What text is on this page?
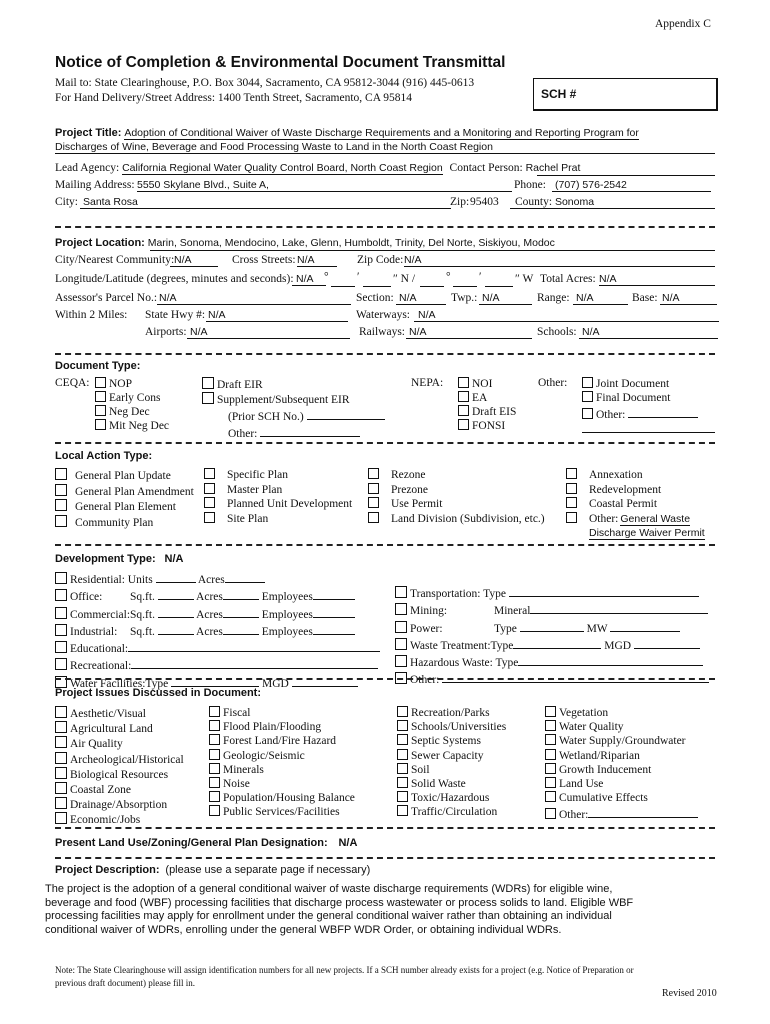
Appendix C
Notice of Completion & Environmental Document Transmittal
Mail to: State Clearinghouse, P.O. Box 3044, Sacramento, CA 95812-3044 (916) 445-0613
For Hand Delivery/Street Address: 1400 Tenth Street, Sacramento, CA 95814	SCH #
Project Title: Adoption of Conditional Waiver of Waste Discharge Requirements and a Monitoring and Reporting Program for
Discharges of Wine, Beverage and Food Processing Waste to Land in the North Coast Region
Lead Agency: California Regional Water Quality Control Board, North Coast Region Contact Person: Rachel Prat
Mailing Address: 5550 Skylane Blvd., Suite A,	Phone: (707) 576-2542
City: Santa Rosa	Zip: 95403	County: Sonoma
Project Location: Marin, Sonoma, Mendocino, Lake, Glenn, Humboldt, Trinity, Del Norte, Siskiyou, Modoc
City/Nearest Community: N/A	Cross Streets: N/A	Zip Code: N/A
Longitude/Latitude (degrees, minutes and seconds): N/A ° ′	″ N /	° ′	″ W Total Acres: N/A
Assessor's Parcel No.: N/A	Section: N/A	Twp.: N/A	Range: N/A	Base: N/A
Within 2 Miles: State Hwy #: N/A	Waterways: N/A
Airports: N/A	Railways: N/A	Schools: N/A
Document Type:
CEQA:	NOP
Early Cons
Neg Dec
Mit Neg Dec
Draft EIR
Supplement/Subsequent EIR
(Prior SCH No.)
Other:
NEPA:	NOI
EA
Draft EIS
FONSI
Other:	Joint Document
Final Document
Other:
Local Action Type:
General Plan Update
General Plan Amendment
General Plan Element
Community Plan
Specific Plan
Master Plan
Planned Unit Development
Site Plan
Rezone
Prezone
Use Permit
Land Division (Subdivision, etc.)
Annexation
Redevelopment
Coastal Permit
Other: General Waste
Discharge Waiver Permit
Development Type: N/A
Residential: Units	Acres
Office: Sq.ft.	Acres	Employees
Commercial:Sq.ft.	Acres	Employees
Industrial: Sq.ft.	Acres	Employees
Educational:
Recreational:
Water Facilities:Type	MGD
Transportation: Type
Mining:	Mineral
Power:	Type	MW
Waste Treatment:Type	MGD
Hazardous Waste: Type
Other:
Project Issues Discussed in Document:
Aesthetic/Visual
Agricultural Land
Air Quality
Archeological/Historical
Biological Resources
Coastal Zone
Drainage/Absorption
Economic/Jobs
Fiscal
Flood Plain/Flooding
Forest Land/Fire Hazard
Geologic/Seismic
Minerals
Noise
Population/Housing Balance
Public Services/Facilities
Recreation/Parks
Schools/Universities
Septic Systems
Sewer Capacity
Soil
Solid Waste
Toxic/Hazardous
Traffic/Circulation
Vegetation
Water Quality
Water Supply/Groundwater
Wetland/Riparian
Growth Inducement
Land Use
Cumulative Effects
Other:
Present Land Use/Zoning/General Plan Designation: N/A
Project Description: (please use a separate page if necessary)
The project is the adoption of a general conditional waiver of waste discharge requirements (WDRs) for eligible wine,
beverage and food (WBF) processing facilities that discharge process wastewater or process solids to land. Eligible WBF
processing facilities may apply for enrollment under the general conditional waiver rather than obtaining an individual
conditional waiver of WDRs, enrolling under the general WBFP WDR Order, or obtaining individual WDRs.
Note: The State Clearinghouse will assign identification numbers for all new projects. If a SCH number already exists for a project (e.g. Notice of Preparation or
previous draft document) please fill in.
Revised 2010
